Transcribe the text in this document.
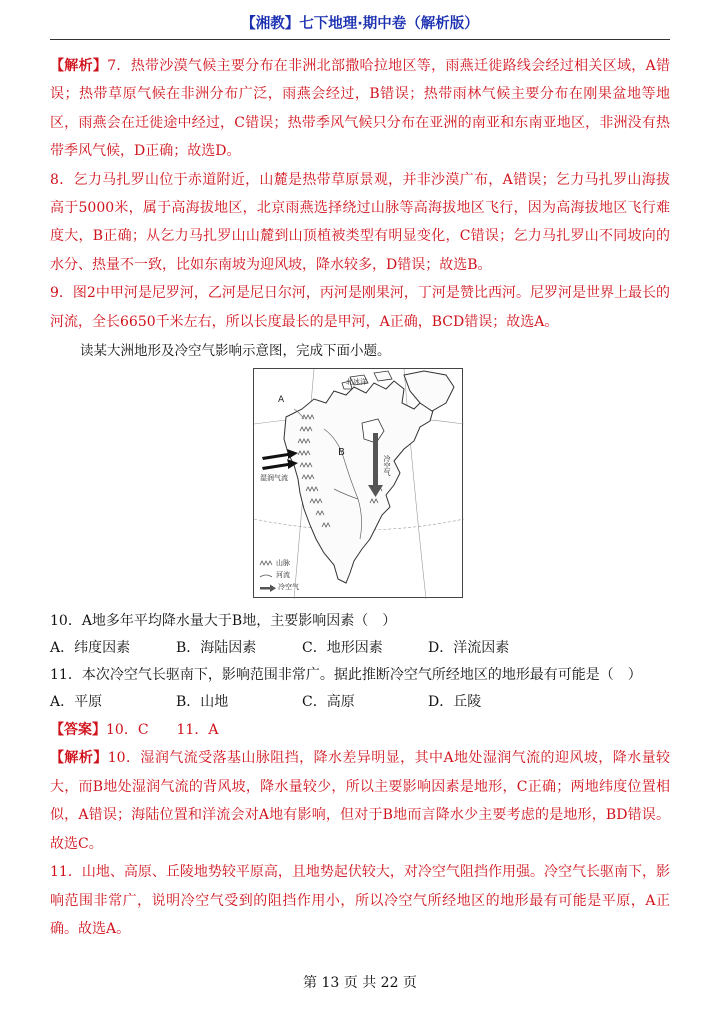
【湘教】七下地理·期中卷（解析版）

【解析】7．热带沙漠气候主要分布在非洲北部撒哈拉地区等，雨燕迁徙路线会经过相关区域，A错误；热带草原气候在非洲分布广泛，雨燕会经过，B错误；热带雨林气候主要分布在刚果盆地等地区，雨燕会在迁徙途中经过，C错误；热带季风气候只分布在亚洲的南亚和东南亚地区，非洲没有热带季风气候，D正确；故选D。

8．乞力马扎罗山位于赤道附近，山麓是热带草原景观，并非沙漠广布，A错误；乞力马扎罗山海拔高于5000米，属于高海拔地区，北京雨燕选择绕过山脉等高海拔地区飞行，因为高海拔地区飞行难度大，B正确；从乞力马扎罗山山麓到山顶植被类型有明显变化，C错误；乞力马扎罗山不同坡向的水分、热量不一致，比如东南坡为迎风坡，降水较多，D错误；故选B。

9．图2中甲河是尼罗河，乙河是尼日尔河，丙河是刚果河，丁河是赞比西河。尼罗河是世界上最长的河流，全长6650千米左右，所以长度最长的是甲河，A正确，BCD错误；故选A。

读某大洲地形及冷空气影响示意图，完成下面小题。

北冰洋
A
B
冷空气
湿润气流
山脉
河流
冷空气

10．A地多年平均降水量大于B地，主要影响因素（　）

A．纬度因素	B．海陆因素	C．地形因素	D．洋流因素

11．本次冷空气长驱南下，影响范围非常广。据此推断冷空气所经地区的地形最有可能是（　）

A．平原	B．山地	C．高原	D．丘陵

【答案】10．C　　11．A

【解析】10．湿润气流受落基山脉阻挡，降水差异明显，其中A地处湿润气流的迎风坡，降水量较大，而B地处湿润气流的背风坡，降水量较少，所以主要影响因素是地形，C正确；两地纬度位置相似，A错误；海陆位置和洋流会对A地有影响，但对于B地而言降水少主要考虑的是地形，BD错误。故选C。

11．山地、高原、丘陵地势较平原高，且地势起伏较大，对冷空气阻挡作用强。冷空气长驱南下，影响范围非常广，说明冷空气受到的阻挡作用小，所以冷空气所经地区的地形最有可能是平原，A正确。故选A。

第 13 页 共 22 页
